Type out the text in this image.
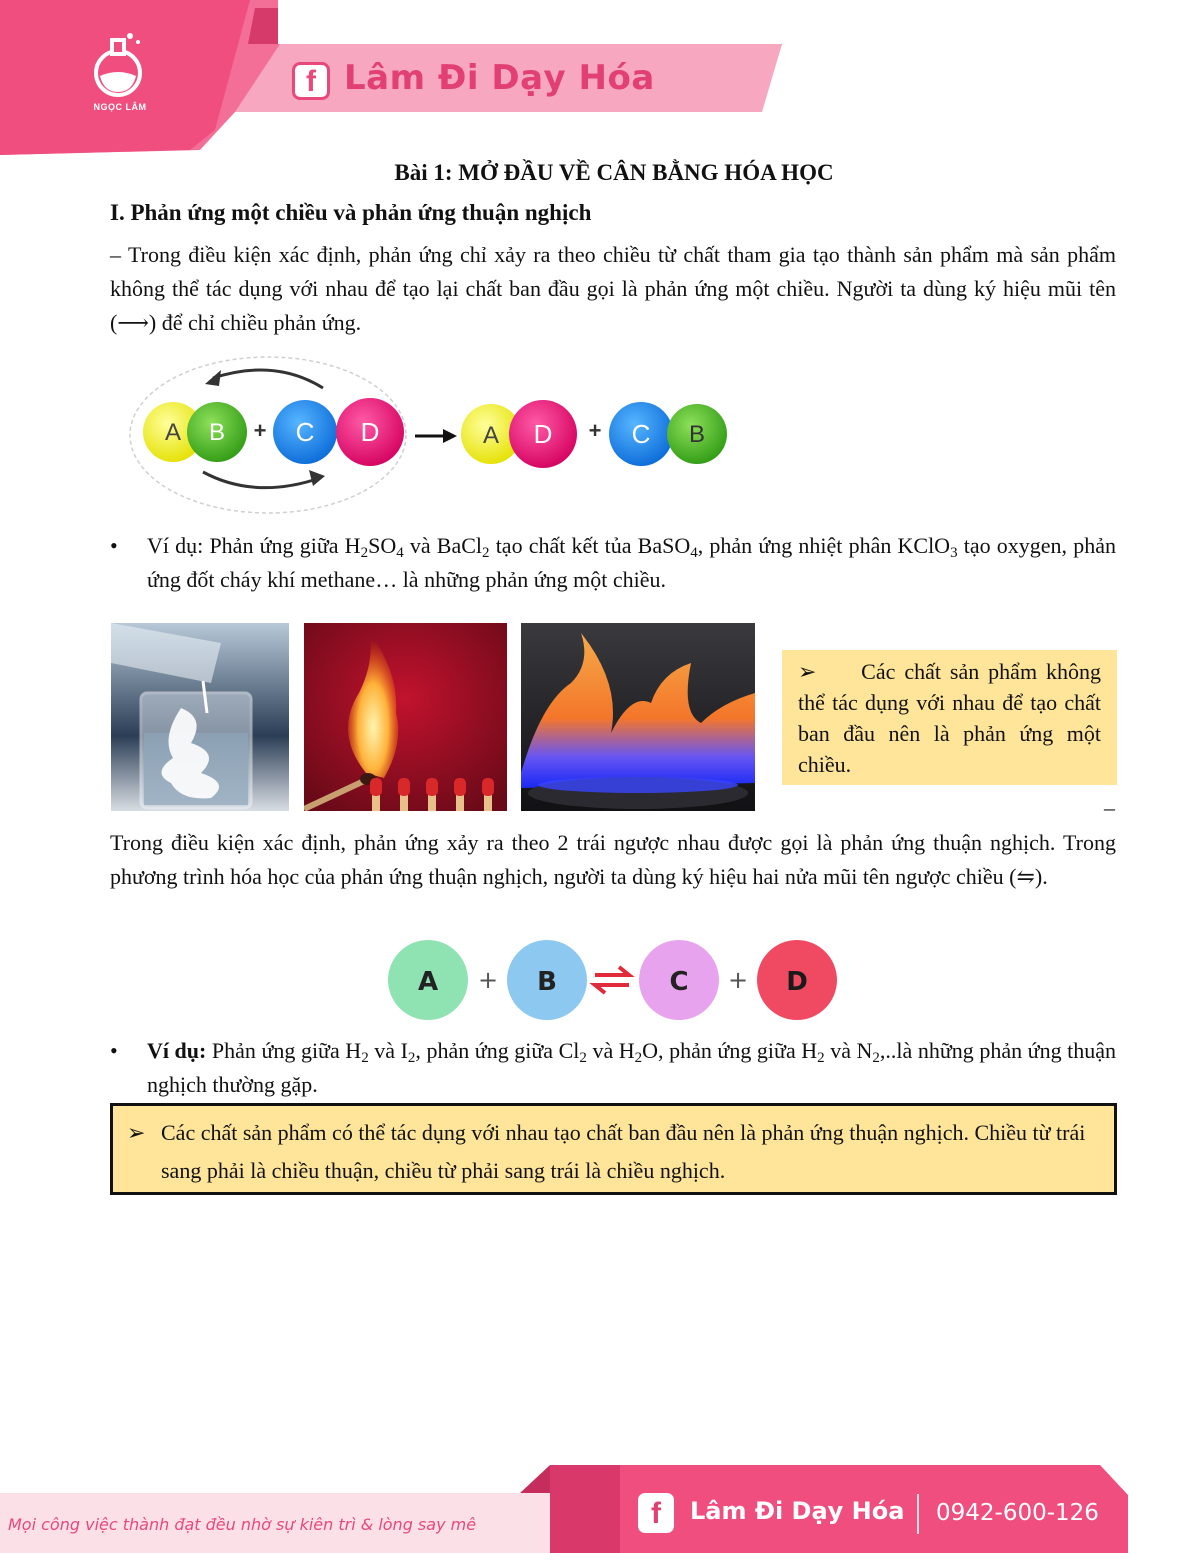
NGỌC LÂM
f Lâm Đi Dạy Hóa
Bài 1: MỞ ĐẦU VỀ CÂN BẰNG HÓA HỌC
I. Phản ứng một chiều và phản ứng thuận nghịch
– Trong điều kiện xác định, phản ứng chỉ xảy ra theo chiều từ chất tham gia tạo thành sản phẩm mà sản phẩm không thể tác dụng với nhau để tạo lại chất ban đầu gọi là phản ứng một chiều. Người ta dùng ký hiệu mũi tên (⟶) để chỉ chiều phản ứng.
A B + C D	A D + C B
• Ví dụ: Phản ứng giữa $H_2SO_4$ và BaCl$_2$ tạo chất kết tủa BaSO$_4$, phản ứng nhiệt phân KClO$_3$ tạo oxygen, phản ứng đốt cháy khí methane… là những phản ứng một chiều.
➢ Các chất sản phẩm không thể tác dụng với nhau để tạo chất ban đầu nên là phản ứng một chiều.
–
Trong điều kiện xác định, phản ứng xảy ra theo 2 trái ngược nhau được gọi là phản ứng thuận nghịch. Trong phương trình hóa học của phản ứng thuận nghịch, người ta dùng ký hiệu hai nửa mũi tên ngược chiều (⇋).
A + B	C + D
• Ví dụ: Phản ứng giữa $H_2$ và $I_2$, phản ứng giữa $Cl_2$ và $H_2O$, phản ứng giữa $H_2$ và $N_2,..là$ những phản ứng thuận nghịch thường gặp.
➢ Các chất sản phẩm có thể tác dụng với nhau tạo chất ban đầu nên là phản ứng thuận nghịch. Chiều từ trái sang phải là chiều thuận, chiều từ phải sang trái là chiều nghịch.
Mọi công việc thành đạt đều nhờ sự kiên trì & lòng say mê	f	Lâm Đi Dạy Hóa 0942-600-126
